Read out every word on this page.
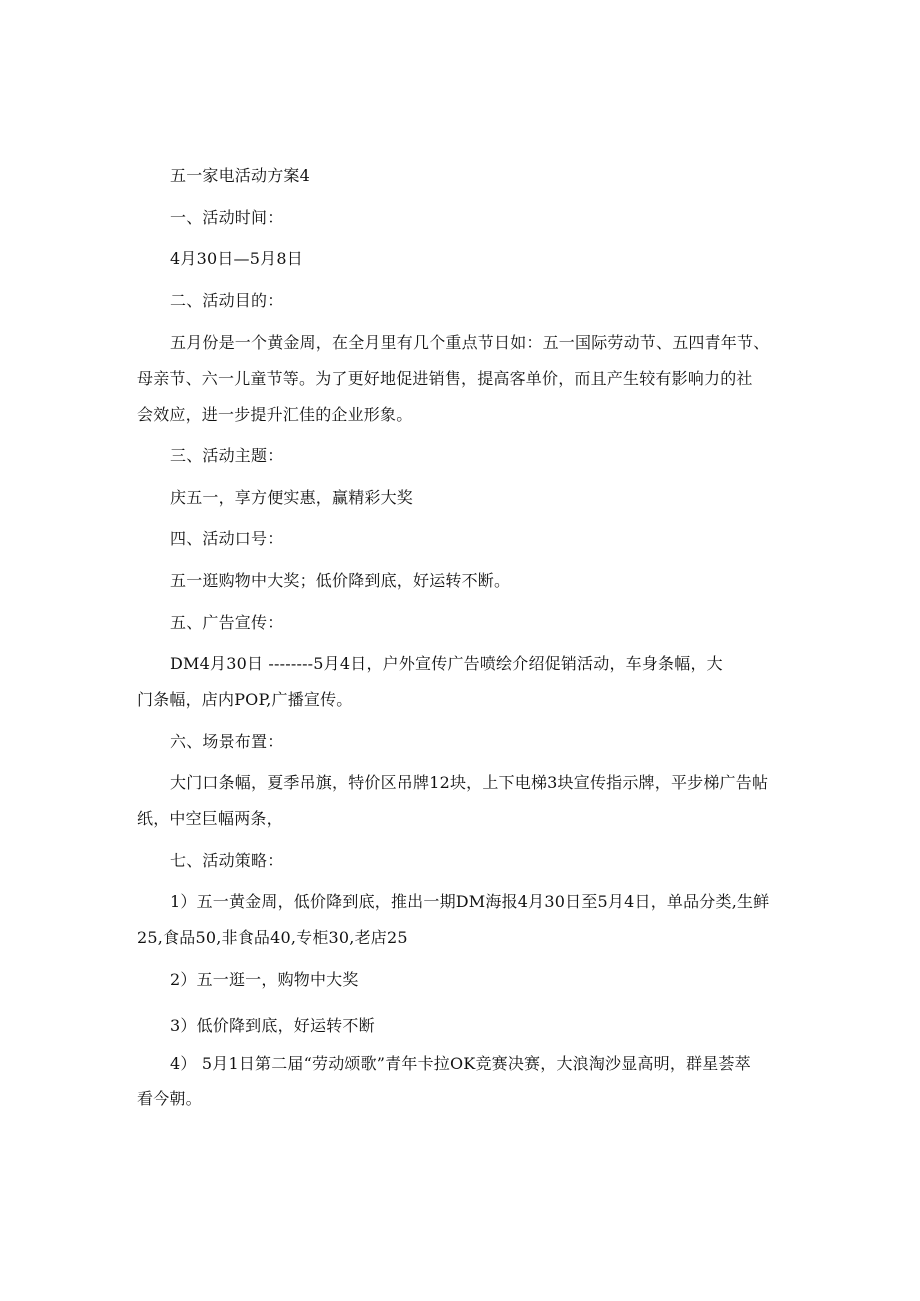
五一家电活动方案4
一、活动时间：
4月30日—5月8日
二、活动目的：
五月份是一个黄金周，在全月里有几个重点节日如：五一国际劳动节、五四青年节、
母亲节、六一儿童节等。为了更好地促进销售，提高客单价，而且产生较有影响力的社
会效应，进一步提升汇佳的企业形象。
三、活动主题：
庆五一，享方便实惠，赢精彩大奖
四、活动口号：
五一逛购物中大奖；低价降到底，好运转不断。
五、广告宣传：
DM4月30日 --------5月4日，户外宣传广告喷绘介绍促销活动，车身条幅，大
门条幅，店内POP,广播宣传。
六、场景布置：
大门口条幅，夏季吊旗，特价区吊牌12块，上下电梯3块宣传指示牌，平步梯广告帖
纸，中空巨幅两条，
七、活动策略：
1）五一黄金周，低价降到底，推出一期DM海报4月30日至5月4日，单品分类,生鲜
25,食品50,非食品40,专柜30,老店25
2）五一逛一，购物中大奖
3）低价降到底，好运转不断
4） 5月1日第二届“劳动颂歌”青年卡拉OK竞赛决赛，大浪淘沙显高明，群星荟萃
看今朝。
